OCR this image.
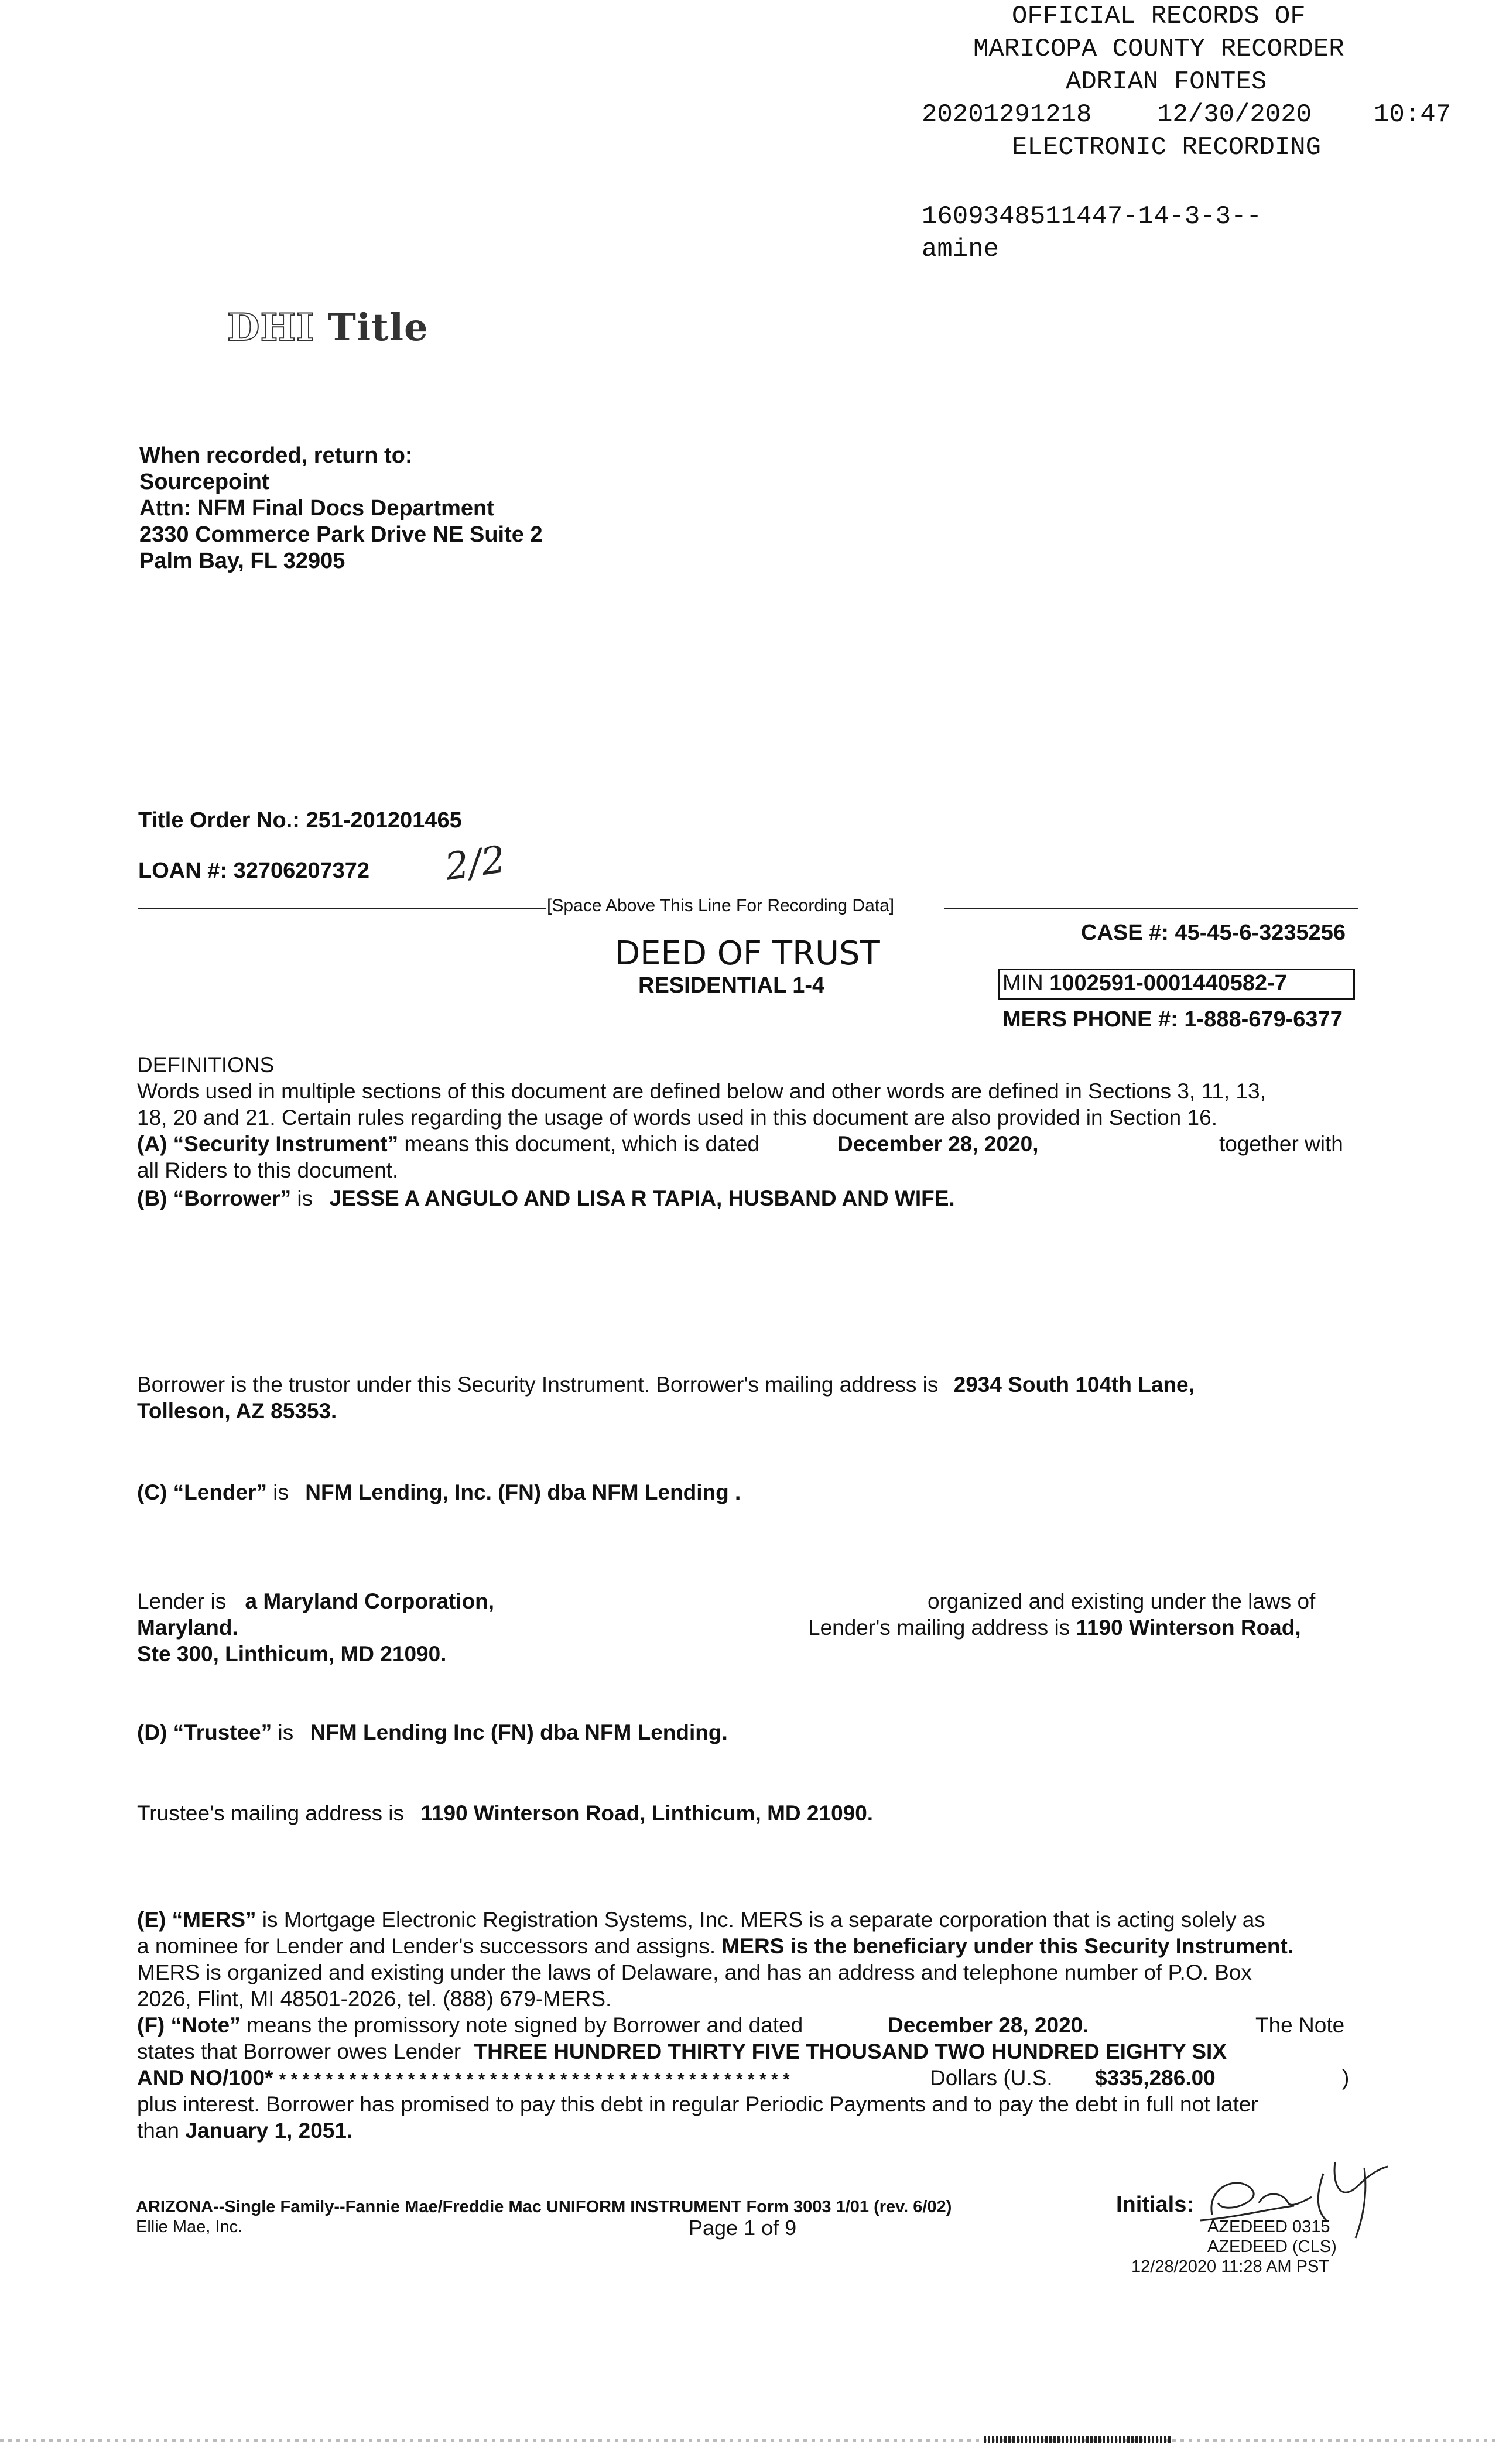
OFFICIAL RECORDS OF

MARICOPA COUNTY RECORDER

ADRIAN FONTES

20201291218

	12/30/2020

10:47

ELECTRONIC RECORDING

1609348511447-14-3-3--

amine

DHI Title
When recorded, return to:
Sourcepoint
Attn: NFM Final Docs Department
2330 Commerce Park Drive NE Suite 2
Palm Bay, FL 32905
Title Order No.: 251-201201465
LOAN #: 32706207372 2/2
[Space Above This Line For Recording Data]
DEED OF TRUST
RESIDENTIAL 1-4
CASE #: 45-45-6-3235256
MIN 1002591-0001440582-7
MERS PHONE #: 1-888-679-6377
DEFINITIONS
Words used in multiple sections of this document are defined below and other words are defined in Sections 3, 11, 13,
18, 20 and 21. Certain rules regarding the usage of words used in this document are also provided in Section 16.
(A) “Security Instrument” means this document, which is dated	December 28, 2020,	together with
all Riders to this document.
(B) “Borrower” is JESSE A ANGULO AND LISA R TAPIA, HUSBAND AND WIFE.
Borrower is the trustor under this Security Instrument. Borrower's mailing address is 2934 South 104th Lane,
Tolleson, AZ 85353.
(C) “Lender” is NFM Lending, Inc. (FN) dba NFM Lending .
Lender is a Maryland Corporation,	organized and existing under the laws of
Maryland.	Lender's mailing address is 1190 Winterson Road,
Ste 300, Linthicum, MD 21090.
(D) “Trustee” is NFM Lending Inc (FN) dba NFM Lending.
Trustee's mailing address is 1190 Winterson Road, Linthicum, MD 21090.
(E) “MERS” is Mortgage Electronic Registration Systems, Inc. MERS is a separate corporation that is acting solely as
a nominee for Lender and Lender's successors and assigns. MERS is the beneficiary under this Security Instrument.
MERS is organized and existing under the laws of Delaware, and has an address and telephone number of P.O. Box
2026, Flint, MI 48501-2026, tel. (888) 679-MERS.
(F) “Note” means the promissory note signed by Borrower and dated	December 28, 2020.	The Note
states that Borrower owes Lender THREE HUNDRED THIRTY FIVE THOUSAND TWO HUNDRED EIGHTY SIX
AND NO/100* * * * * * * * * * * * * * * * * * * * * * * * * * * * * * * * * * * * * * * * * * * * *	Dollars (U.S. $335,286.00	)
plus interest. Borrower has promised to pay this debt in regular Periodic Payments and to pay the debt in full not later
than January 1, 2051.
ARIZONA--Single Family--Fannie Mae/Freddie Mac UNIFORM INSTRUMENT Form 3003 1/01 (rev. 6/02)
Ellie Mae, Inc.	Page 1 of 9
Initials:
AZEDEED 0315
AZEDEED (CLS)
12/28/2020 11:28 AM PST
